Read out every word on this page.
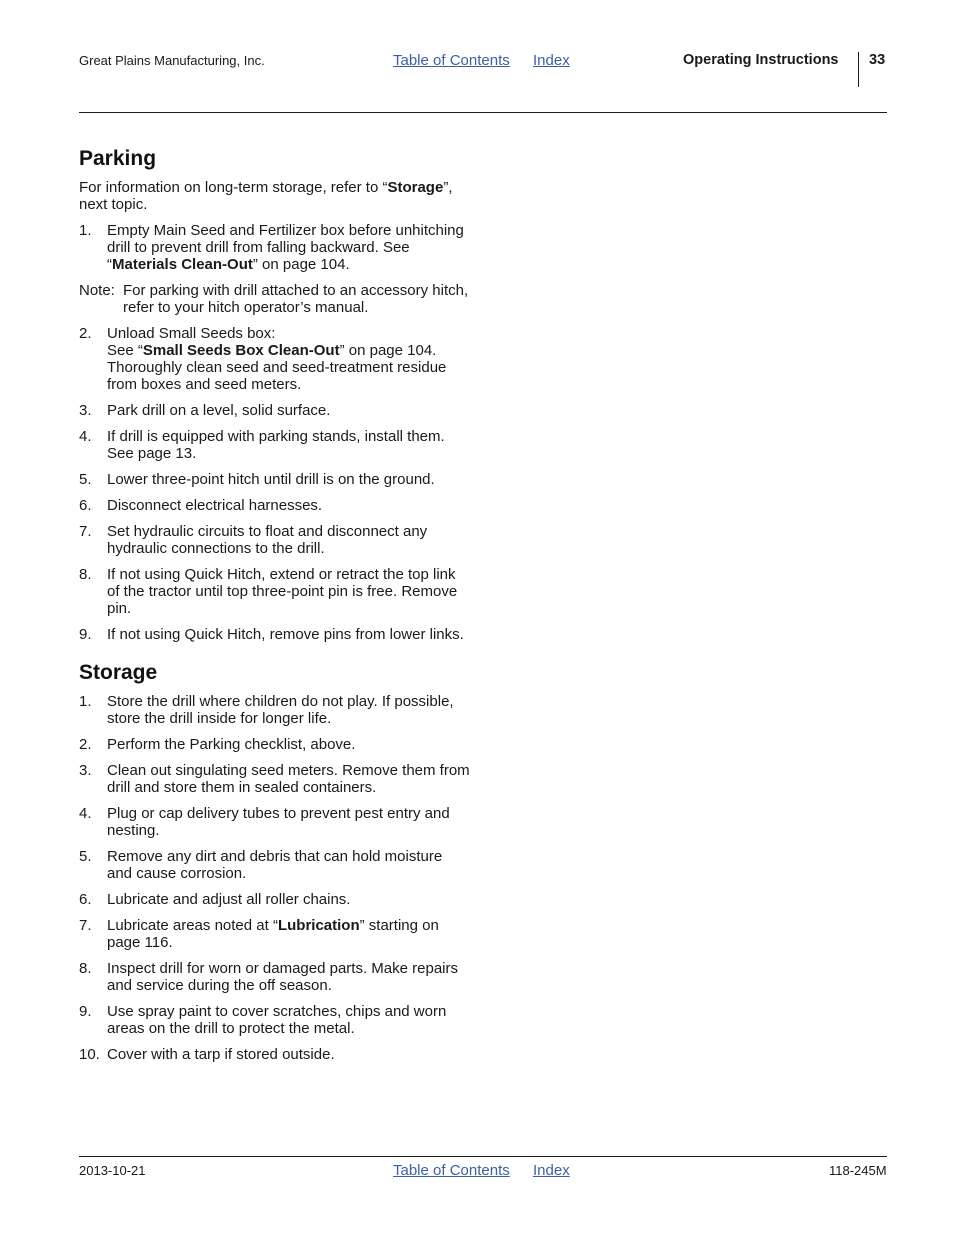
Great Plains Manufacturing, Inc.	Table of Contents Index	Operating Instructions 33
Parking

For information on long-term storage, refer to “Storage”, next topic.

1. Empty Main Seed and Fertilizer box before unhitching drill to prevent drill from falling backward. See “Materials Clean-Out” on page 104.
Note: For parking with drill attached to an accessory hitch, refer to your hitch operator’s manual.
2. Unload Small Seeds box:
See “Small Seeds Box Clean-Out” on page 104. Thoroughly clean seed and seed-treatment residue from boxes and seed meters.
3. Park drill on a level, solid surface.
4. If drill is equipped with parking stands, install them. See page 13.
5. Lower three-point hitch until drill is on the ground.
6. Disconnect electrical harnesses.
7. Set hydraulic circuits to float and disconnect any hydraulic connections to the drill.
8. If not using Quick Hitch, extend or retract the top link of the tractor until top three-point pin is free. Remove pin.
9. If not using Quick Hitch, remove pins from lower links.
Storage
1. Store the drill where children do not play. If possible, store the drill inside for longer life.
2. Perform the Parking checklist, above.
3. Clean out singulating seed meters. Remove them from drill and store them in sealed containers.
4. Plug or cap delivery tubes to prevent pest entry and nesting.
5. Remove any dirt and debris that can hold moisture and cause corrosion.
6. Lubricate and adjust all roller chains.
7. Lubricate areas noted at “Lubrication” starting on page 116.
8. Inspect drill for worn or damaged parts. Make repairs and service during the off season.
9. Use spray paint to cover scratches, chips and worn areas on the drill to protect the metal.
10. Cover with a tarp if stored outside.
2013-10-21	Table of Contents Index	118-245M
